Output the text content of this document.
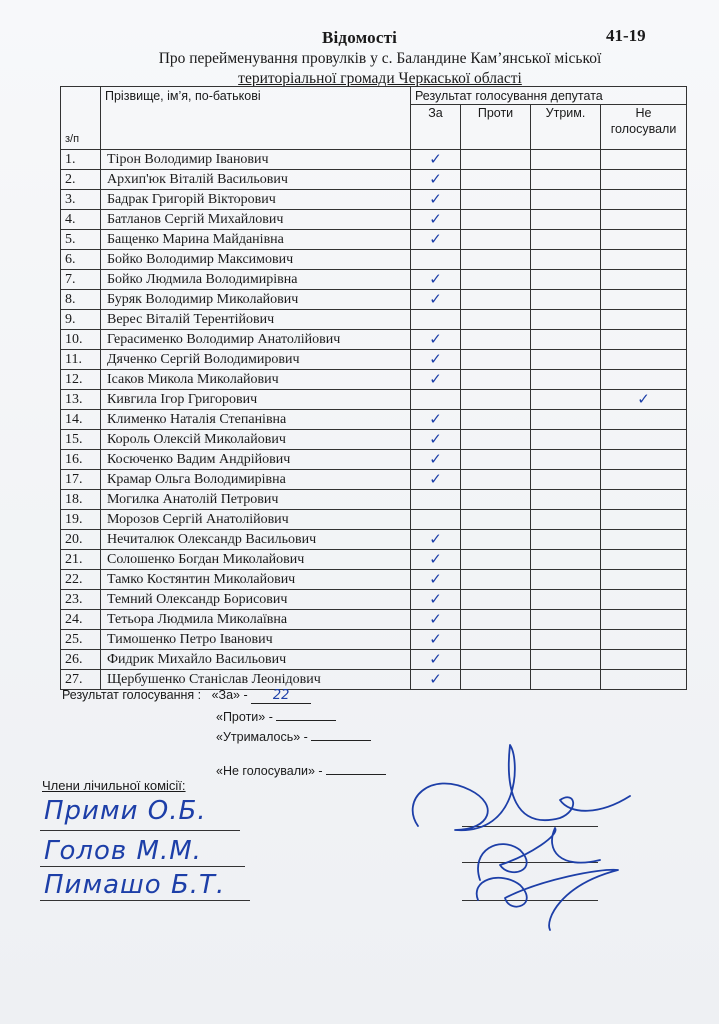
Відомості	41-19
Про перейменування провулків у с. Баландине Кам’янської міської
територіальної громади Черкаської області
з/п	Прізвище, ім’я, по-батькові	Результат голосування депутата			
		За	Проти	Утрим.	Не
голосували
1.	Тірон Володимир Іванович	✓			

2.	Архип'юк Віталій Васильович	✓			

3.	Бадрак Григорій Вікторович	✓			

4.	Батланов Сергій Михайлович	✓			

5.	Бащенко Марина Майданівна	✓			

6.	Бойко Володимир Максимович				
7.	Бойко Людмила Володимирівна	✓			

8.	Буряк Володимир Миколайович	✓			

9.	Верес Віталій Терентійович				
10.	Герасименко Володимир Анатолійович	✓			

11.	Дяченко Сергій Володимирович	✓			

12.	Ісаков Микола Миколайович	✓			

13.	Кивгила Ігор Григорович				✓

14.	Клименко Наталія Степанівна	✓			

15.	Король Олексій Миколайович	✓			

16.	Косюченко Вадим Андрійович	✓			

17.	Крамар Ольга Володимирівна	✓			

18.	Могилка Анатолій Петрович				
19.	Морозов Сергій Анатолійович				
20.	Нечиталюк Олександр Васильович	✓			

21.	Солошенко Богдан Миколайович	✓			

22.	Тамко Костянтин Миколайович	✓			

23.	Темний Олександр Борисович	✓			

24.	Тетьора Людмила Миколаївна	✓			

25.	Тимошенко Петро Іванович	✓			

26.	Фидрик Михайло Васильович	✓			

27.	Щербушенко Станіслав Леонідович	✓			

Результат голосування : «За» - 22
«Проти» -
«Утрималось» -
«Не голосували» -
Члени лічильної комісії:
Прими О.Б.
Голов М.М.
Пимашо Б.Т.
